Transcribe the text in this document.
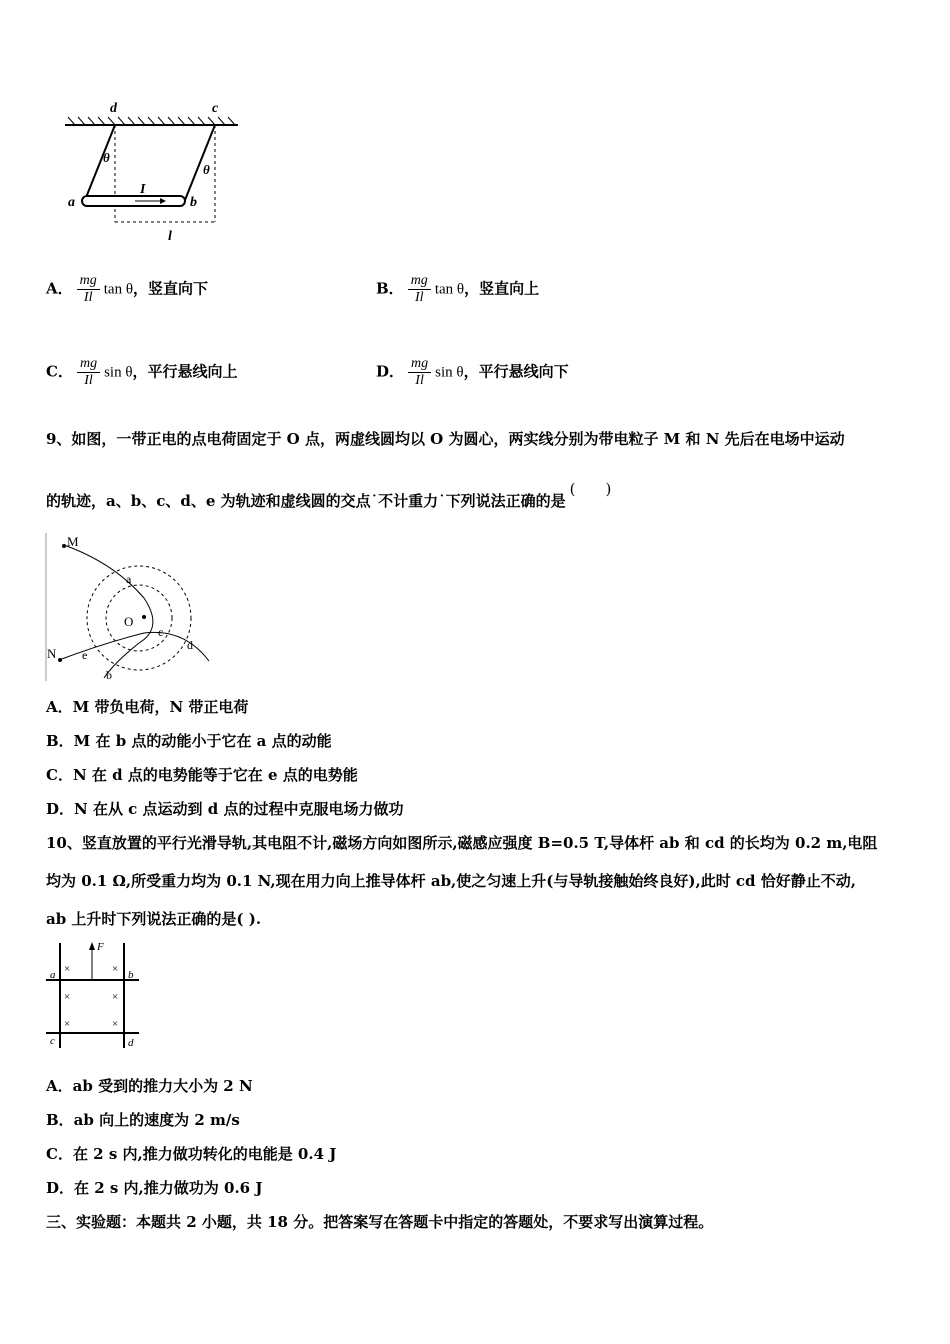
d	c
a	b
I
l
θ
θ
A． $\frac{mg}{Il}$ tan θ，竖直向下	B． $\frac{mg}{Il}$ tan θ，竖直向上
C． $\frac{mg}{Il}$ sin θ，平行悬线向上	D． $\frac{mg}{Il}$ sin θ，平行悬线向下
9、如图，一带正电的点电荷固定于 O 点，两虚线圆均以 O 为圆心，两实线分别为带电粒子 M 和 N 先后在电场中运动
的轨迹，a、b、c、d、e 为轨迹和虚线圆的交点˙不计重力˙下列说法正确的是(　　)
M
N
O
a
b
c
d
e
A．M 带负电荷，N 带正电荷
B．M 在 b 点的动能小于它在 a 点的动能
C．N 在 d 点的电势能等于它在 e 点的电势能
D．N 在从 c 点运动到 d 点的过程中克服电场力做功
10、竖直放置的平行光滑导轨,其电阻不计,磁场方向如图所示,磁感应强度 B=0.5 T,导体杆 ab 和 cd 的长均为 0.2 m,电阻
均为 0.1 Ω,所受重力均为 0.1 N,现在用力向上推导体杆 ab,使之匀速上升(与导轨接触始终良好),此时 cd 恰好静止不动,
ab 上升时下列说法正确的是( ).
F
a	b
c	d
×	×
×	×
×	×
A．ab 受到的推力大小为 2 N
B．ab 向上的速度为 2 m/s
C．在 2 s 内,推力做功转化的电能是 0.4 J
D．在 2 s 内,推力做功为 0.6 J
三、实验题：本题共 2 小题，共 18 分。把答案写在答题卡中指定的答题处，不要求写出演算过程。
